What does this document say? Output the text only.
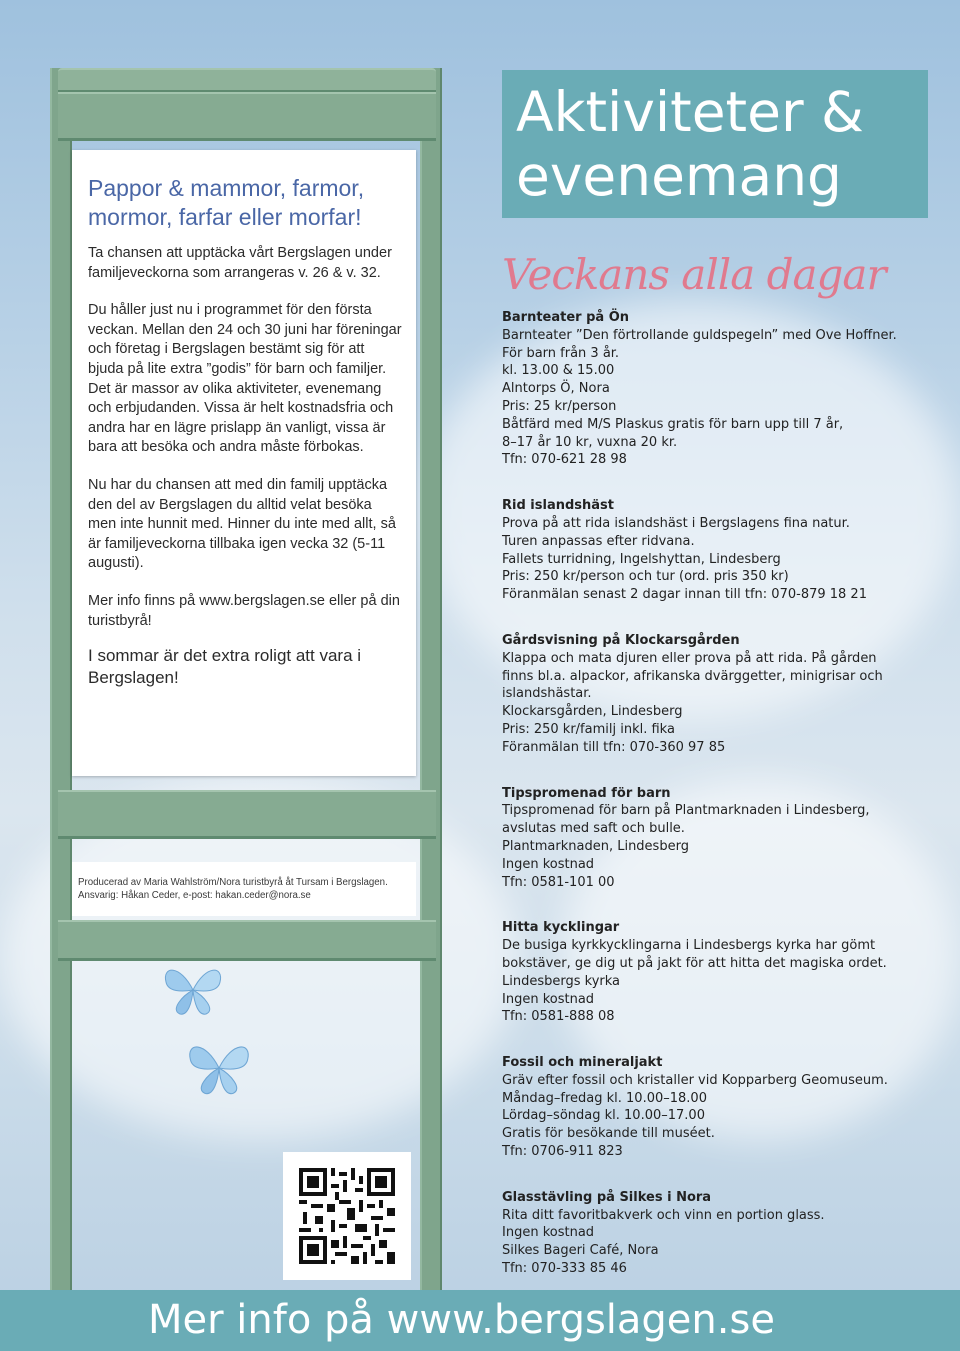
Pappor & mammor, farmor, mormor, farfar eller morfar!

Ta chansen att upptäcka vårt Bergslagen under familjeveckorna som arrangeras v. 26 & v. 32.

Du håller just nu i programmet för den första veckan. Mellan den 24 och 30 juni har föreningar och företag i Bergslagen bestämt sig för att bjuda på lite extra ”godis” för barn och familjer. Det är massor av olika aktiviteter, evenemang och erbjudanden. Vissa är helt kostnadsfria och andra har en lägre prislapp än vanligt, vissa är bara att besöka och andra måste förbokas.

Nu har du chansen att med din familj upptäcka den del av Bergslagen du alltid velat besöka men inte hunnit med. Hinner du inte med allt, så är familjeveckorna tillbaka igen vecka 32 (5-11 augusti).

Mer info finns på www.bergslagen.se eller på din turistbyrå!

I sommar är det extra roligt att vara i Bergslagen!

Producerad av Maria Wahlström/Nora turistbyrå åt Tursam i Bergslagen.
Ansvarig: Håkan Ceder, e-post: hakan.ceder@nora.se
Aktiviteter &
evenemang
Veckans alla dagar
Barnteater på Ön
Barnteater ”Den förtrollande guldspegeln” med Ove Hoffner.
För barn från 3 år.
kl. 13.00 & 15.00
Alntorps Ö, Nora
Pris: 25 kr/person
Båtfärd med M/S Plaskus gratis för barn upp till 7 år,
8–17 år 10 kr, vuxna 20 kr.
Tfn: 070-621 28 98
Rid islandshäst
Prova på att rida islandshäst i Bergslagens fina natur.
Turen anpassas efter ridvana.
Fallets turridning, Ingelshyttan, Lindesberg
Pris: 250 kr/person och tur (ord. pris 350 kr)
Föranmälan senast 2 dagar innan till tfn: 070-879 18 21
Gårdsvisning på Klockarsgården
Klappa och mata djuren eller prova på att rida. På gården
finns bl.a. alpackor, afrikanska dvärggetter, minigrisar och
islandshästar.
Klockarsgården, Lindesberg
Pris: 250 kr/familj inkl. fika
Föranmälan till tfn: 070-360 97 85
Tipspromenad för barn
Tipspromenad för barn på Plantmarknaden i Lindesberg,
avslutas med saft och bulle.
Plantmarknaden, Lindesberg
Ingen kostnad
Tfn: 0581-101 00
Hitta kycklingar
De busiga kyrkkycklingarna i Lindesbergs kyrka har gömt
bokstäver, ge dig ut på jakt för att hitta det magiska ordet.
Lindesbergs kyrka
Ingen kostnad
Tfn: 0581-888 08
Fossil och mineraljakt
Gräv efter fossil och kristaller vid Kopparberg Geomuseum.
Måndag–fredag kl. 10.00–18.00
Lördag–söndag kl. 10.00–17.00
Gratis för besökande till muséet.
Tfn: 0706-911 823
Glasstävling på Silkes i Nora
Rita ditt favoritbakverk och vinn en portion glass.
Ingen kostnad
Silkes Bageri Café, Nora
Tfn: 070-333 85 46
Mer info på www.bergslagen.se
